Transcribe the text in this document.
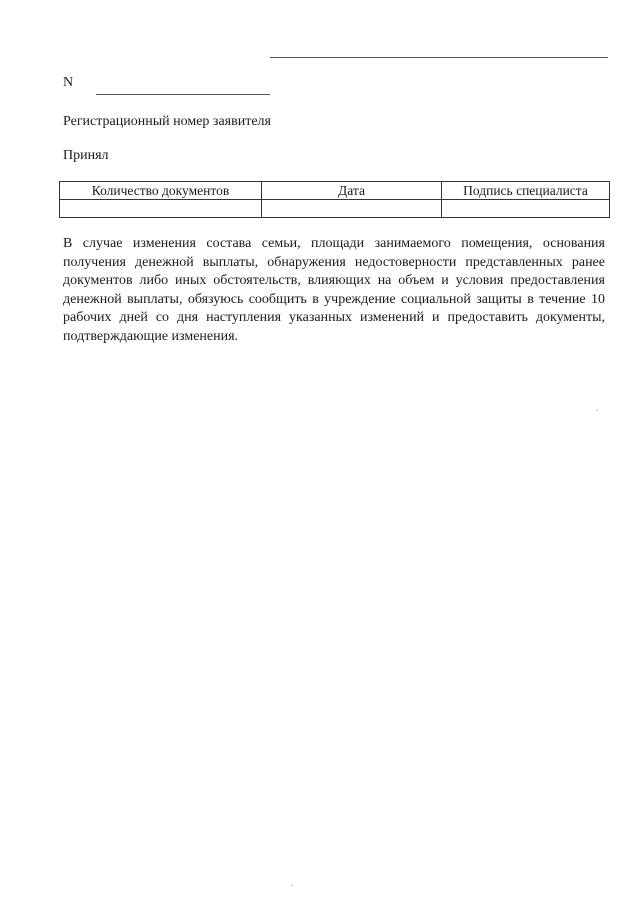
N
Регистрационный номер заявителя
Принял
Количество документов	Дата	Подпись специалиста

В случае изменения состава семьи, площади занимаемого помещения, основания получения денежной выплаты, обнаружения недостоверности представленных ранее документов либо иных обстоятельств, влияющих на объем и условия предоставления денежной выплаты, обязуюсь сообщить в учреждение социальной защиты в течение 10 рабочих дней со дня наступления указанных изменений и предоставить документы, подтверждающие изменения.
